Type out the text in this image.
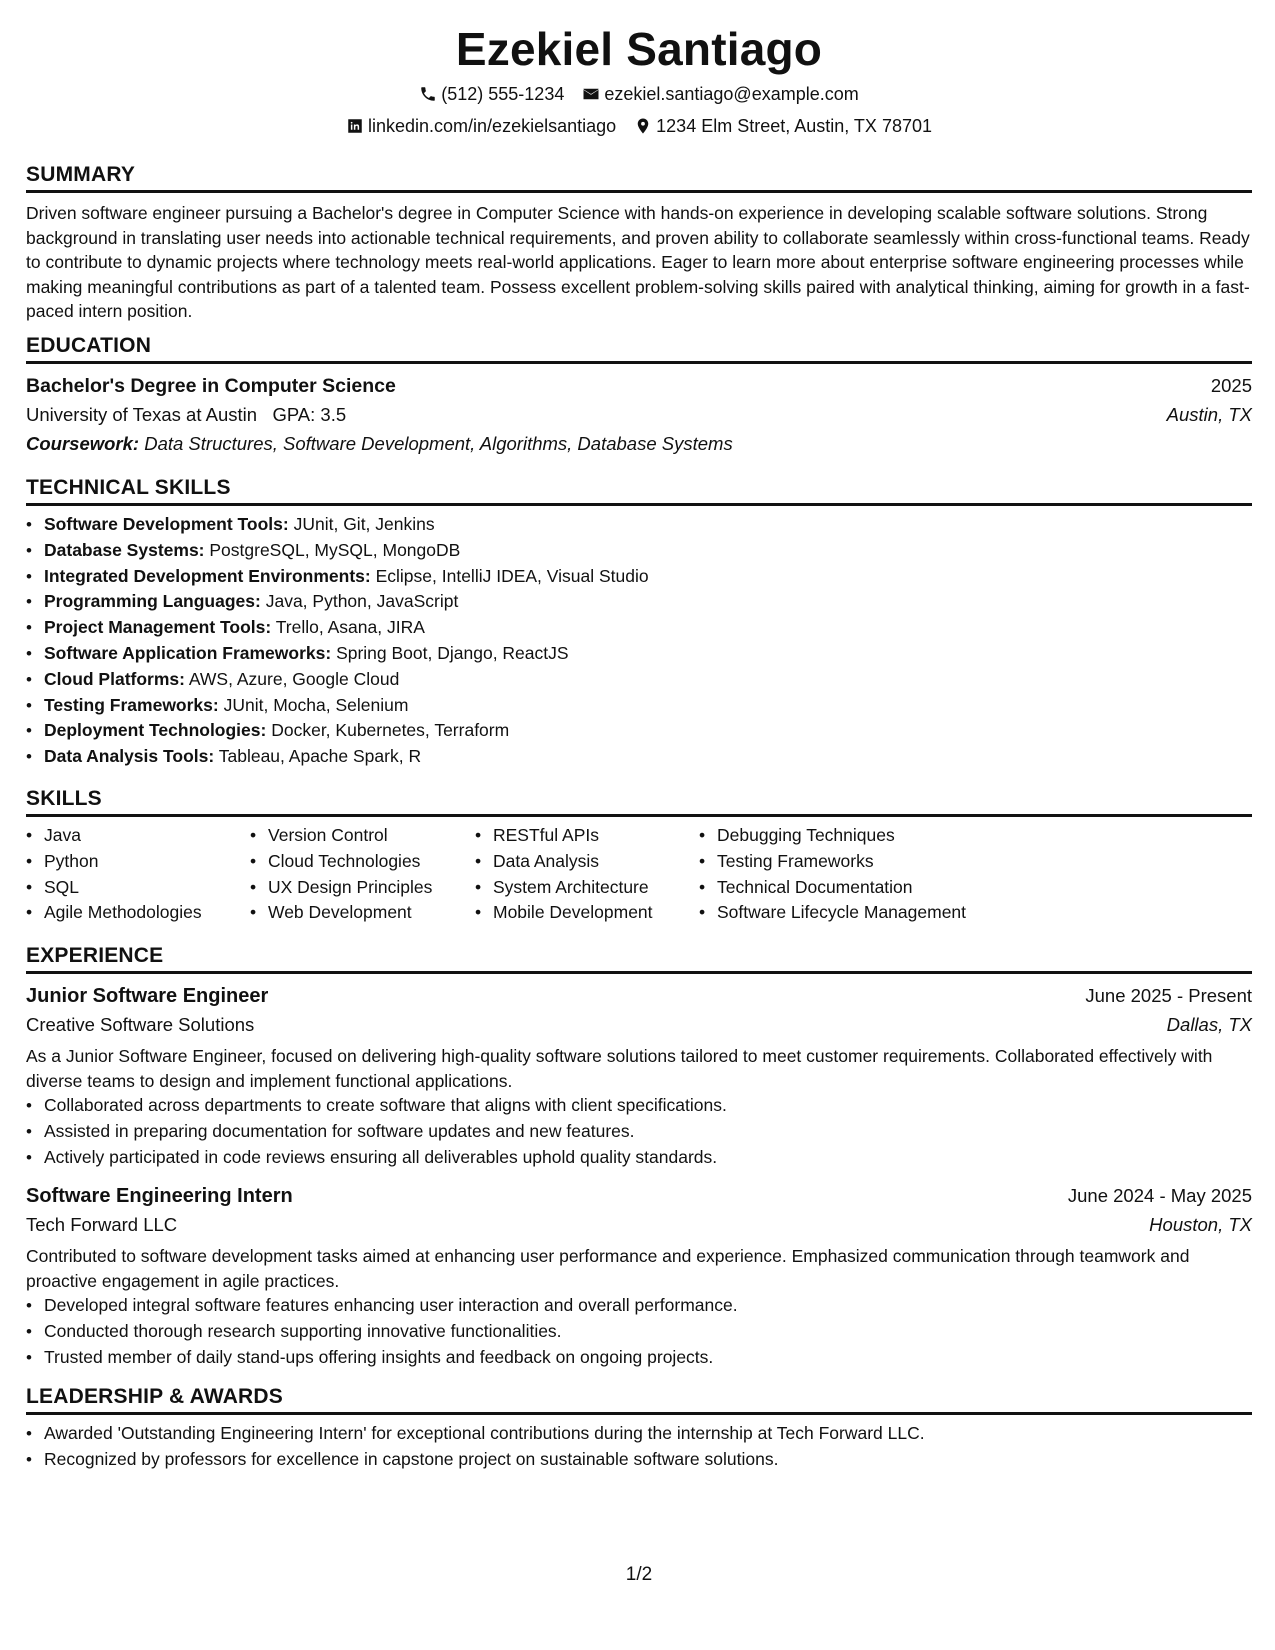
Ezekiel Santiago
(512) 555-1234 ezekiel.santiago@example.com
linkedin.com/in/ezekielsantiago 1234 Elm Street, Austin, TX 78701
SUMMARY
Driven software engineer pursuing a Bachelor's degree in Computer Science with hands-on experience in developing scalable software solutions. Strong background in translating user needs into actionable technical requirements, and proven ability to collaborate seamlessly within cross-functional teams. Ready to contribute to dynamic projects where technology meets real-world applications. Eager to learn more about enterprise software engineering processes while making meaningful contributions as part of a talented team. Possess excellent problem-solving skills paired with analytical thinking, aiming for growth in a fast-paced intern position.
EDUCATION
Bachelor's Degree in Computer Science	2025
University of Texas at Austin GPA: 3.5	Austin, TX
Coursework: Data Structures, Software Development, Algorithms, Database Systems
TECHNICAL SKILLS
• Software Development Tools: JUnit, Git, Jenkins
• Database Systems: PostgreSQL, MySQL, MongoDB
• Integrated Development Environments: Eclipse, IntelliJ IDEA, Visual Studio
• Programming Languages: Java, Python, JavaScript
• Project Management Tools: Trello, Asana, JIRA
• Software Application Frameworks: Spring Boot, Django, ReactJS
• Cloud Platforms: AWS, Azure, Google Cloud
• Testing Frameworks: JUnit, Mocha, Selenium
• Deployment Technologies: Docker, Kubernetes, Terraform
• Data Analysis Tools: Tableau, Apache Spark, R
SKILLS
• Java
• Python
• SQL
• Agile Methodologies
• Version Control
• Cloud Technologies
• UX Design Principles
• Web Development
• RESTful APIs
• Data Analysis
• System Architecture
• Mobile Development
• Debugging Techniques
• Testing Frameworks
• Technical Documentation
• Software Lifecycle Management
EXPERIENCE
Junior Software Engineer	June 2025 - Present
Creative Software Solutions	Dallas, TX
As a Junior Software Engineer, focused on delivering high-quality software solutions tailored to meet customer requirements. Collaborated effectively with diverse teams to design and implement functional applications.
• Collaborated across departments to create software that aligns with client specifications.
• Assisted in preparing documentation for software updates and new features.
• Actively participated in code reviews ensuring all deliverables uphold quality standards.
Software Engineering Intern	June 2024 - May 2025
Tech Forward LLC	Houston, TX
Contributed to software development tasks aimed at enhancing user performance and experience. Emphasized communication through teamwork and proactive engagement in agile practices.
• Developed integral software features enhancing user interaction and overall performance.
• Conducted thorough research supporting innovative functionalities.
• Trusted member of daily stand-ups offering insights and feedback on ongoing projects.
LEADERSHIP & AWARDS
• Awarded 'Outstanding Engineering Intern' for exceptional contributions during the internship at Tech Forward LLC.
• Recognized by professors for excellence in capstone project on sustainable software solutions.
1/2
